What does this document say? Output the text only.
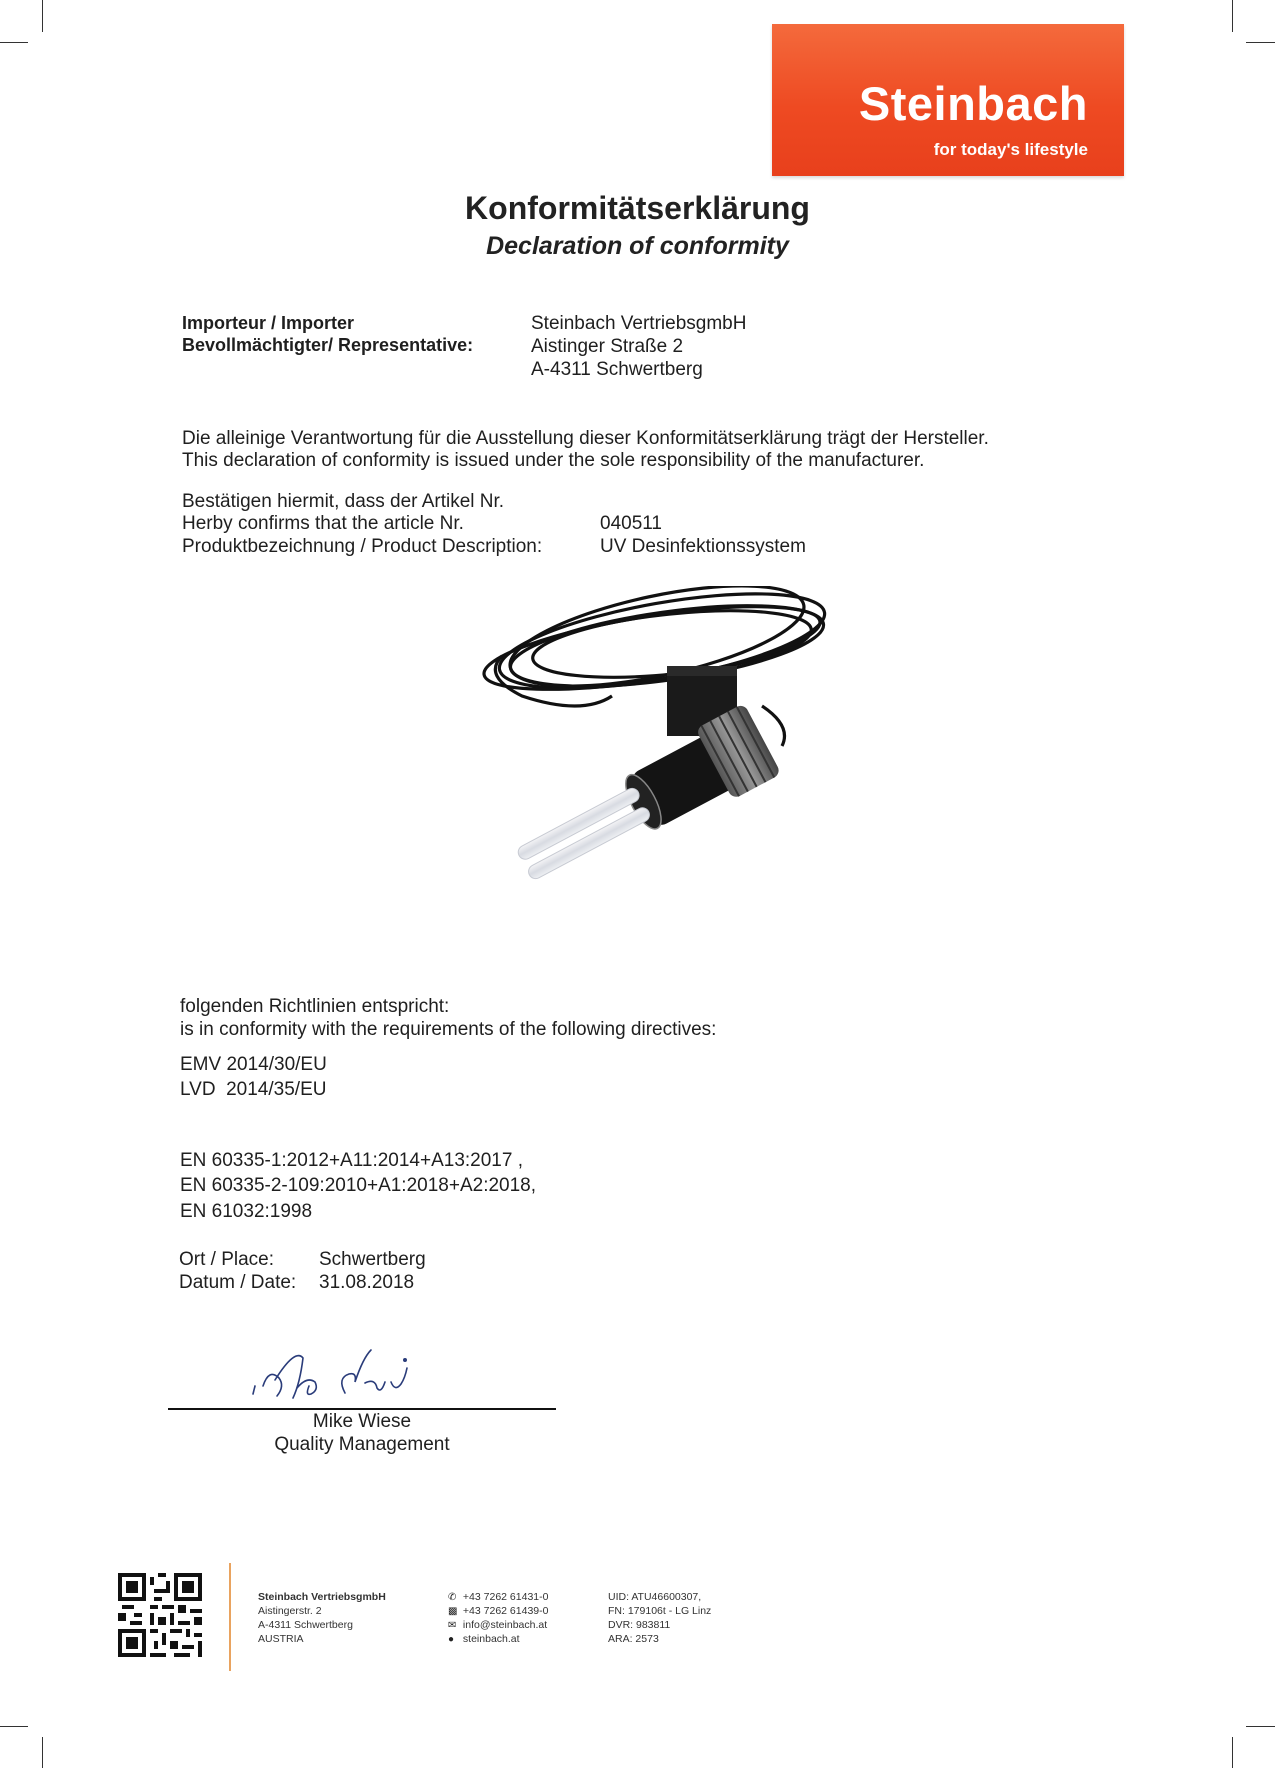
Steinbach
for today's lifestyle
Konformitätserklärung
Declaration of conformity
Importeur / Importer
Bevollmächtigter/ Representative:
Steinbach VertriebsgmbH
Aistinger Straße 2
A-4311 Schwertberg
Die alleinige Verantwortung für die Ausstellung dieser Konformitätserklärung trägt der Hersteller.
This declaration of conformity is issued under the sole responsibility of the manufacturer.
Bestätigen hiermit, dass der Artikel Nr.
Herby confirms that the article Nr.
Produktbezeichnung / Product Description:
040511
UV Desinfektionssystem
folgenden Richtlinien entspricht:
is in conformity with the requirements of the following directives:
EMV 2014/30/EU
LVD  2014/35/EU
EN 60335-1:2012+A11:2014+A13:2017 ,
EN 60335-2-109:2010+A1:2018+A2:2018,
EN 61032:1998
Ort / Place: Schwertberg
Datum / Date: 31.08.2018
Mike Wiese
Quality Management
Steinbach VertriebsgmbH
Aistingerstr. 2
A-4311 Schwertberg
AUSTRIA
✆ +43 7262 61431-0
▩ +43 7262 61439-0
✉ info@steinbach.at
● steinbach.at
UID: ATU46600307,
FN: 179106t - LG Linz
DVR: 983811
ARA: 2573
